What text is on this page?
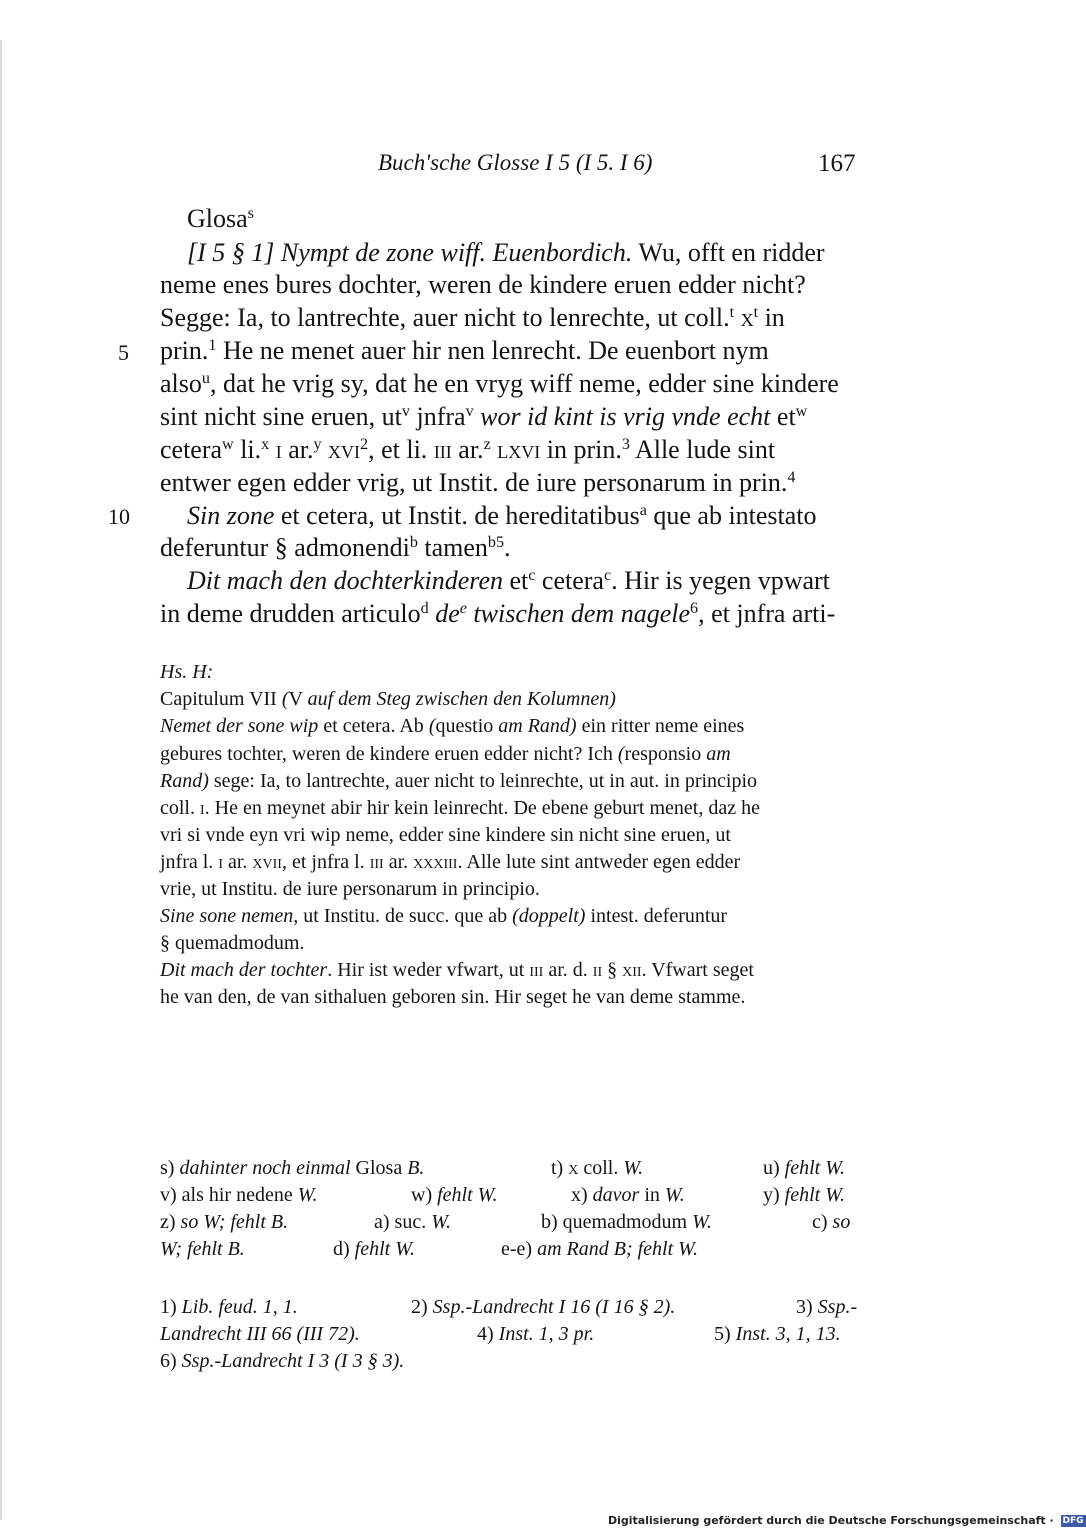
Buch'sche Glosse I 5 (I 5. I 6)	167
Glosa$^s$
[I 5 § 1] Nympt de zone wiff. Euenbordich. Wu, offt en ridder
neme enes bures dochter, weren de kindere eruen edder nicht?
Segge: Ia, to lantrechte, auer nicht to lenrechte, ut coll.$^t$ $x^t$ in
5 prin.$^1$ He ne menet auer hir nen lenrecht. De euenbort nym
also$^u$, dat he vrig sy, dat he en vryg wiff neme, edder sine kindere
sint nicht sine eruen, $ut^v$ jnfra$^v$ wor id kint is vrig vnde echt $et^w$
cetera$^w$ li.$^x$ i ar.$^y$ xvi$^2$, et li. iii ar.$^z$ lxvi in prin.$^3$ Alle lude sint
entwer egen edder vrig, ut Instit. de iure personarum in prin.$^4$
10 Sin zone et cetera, ut Instit. de hereditatibus$^a$ que ab intestato
deferuntur § admonendi$^b$ tamen$^{b5}$.
Dit mach den dochterkinderen $et^c$ cetera$^c$. Hir is yegen vpwart
in deme drudden articulo$^d$ $de^e$ twischen dem nagele$^6$, et jnfra arti-
Hs. H:
Capitulum VII (V auf dem Steg zwischen den Kolumnen)
Nemet der sone wip et cetera. Ab (questio am Rand) ein ritter neme eines
gebures tochter, weren de kindere eruen edder nicht? Ich (responsio am
Rand) sege: Ia, to lantrechte, auer nicht to leinrechte, ut in aut. in principio
coll. i. He en meynet abir hir kein leinrecht. De ebene geburt menet, daz he
vri si vnde eyn vri wip neme, edder sine kindere sin nicht sine eruen, ut
jnfra l. i ar. xvii, et jnfra l. iii ar. xxxiii. Alle lute sint antweder egen edder
vrie, ut Institu. de iure personarum in principio.
Sine sone nemen, ut Institu. de succ. que ab (doppelt) intest. deferuntur
§ quemadmodum.
Dit mach der tochter. Hir ist weder vfwart, ut iii ar. d. ii § xii. Vfwart seget
he van den, de van sithaluen geboren sin. Hir seget he van deme stamme.
s) dahinter noch einmal Glosa B.	t) x coll. W.	u) fehlt W.
v) als hir nedene W.	w) fehlt W.	x) davor in W.	y) fehlt W.
z) so W; fehlt B.	a) suc. W.	b) quemadmodum W.	c) so
W; fehlt B.	d) fehlt W.	e-e) am Rand B; fehlt W.
1) Lib. feud. 1, 1.	2) Ssp.-Landrecht I 16 (I 16 § 2).	3) Ssp.-
Landrecht III 66 (III 72).	4) Inst. 1, 3 pr.	5) Inst. 3, 1, 13.
6) Ssp.-Landrecht I 3 (I 3 § 3).
Digitalisierung gefördert durch die Deutsche Forschungsgemeinschaft · DFG
